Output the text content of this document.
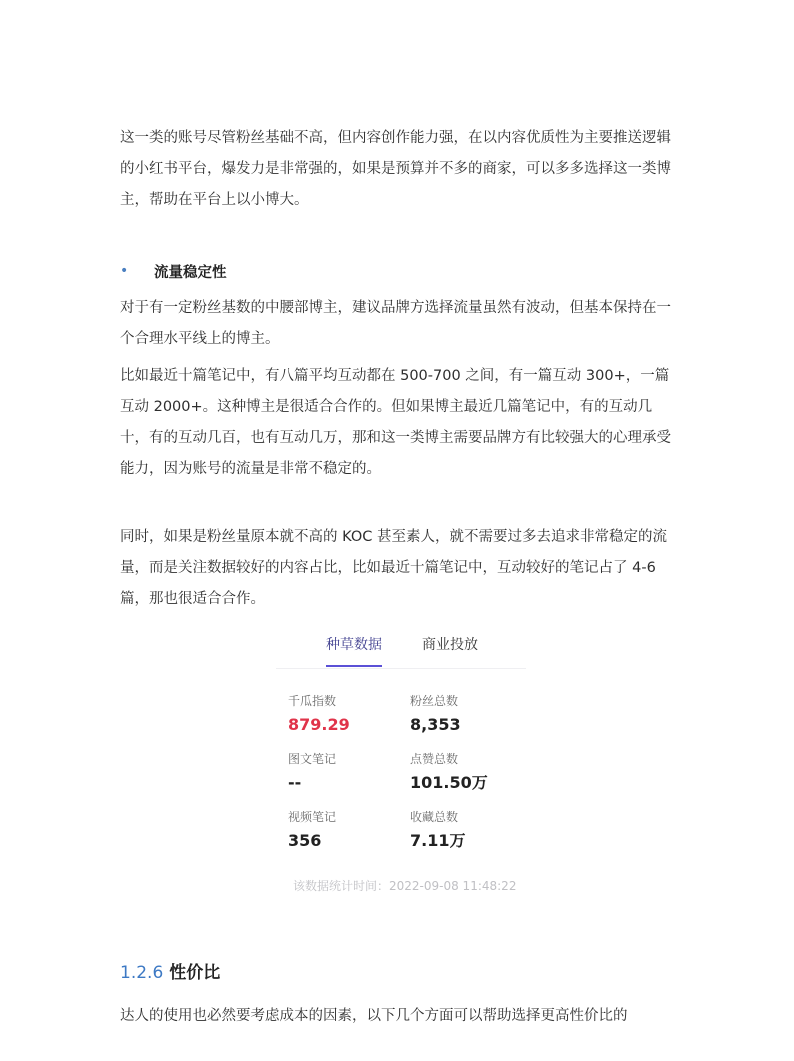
这一类的账号尽管粉丝基础不高，但内容创作能力强，在以内容优质性为主要推送逻辑的小红书平台，爆发力是非常强的，如果是预算并不多的商家，可以多多选择这一类博主，帮助在平台上以小博大。

•	流量稳定性

对于有一定粉丝基数的中腰部博主，建议品牌方选择流量虽然有波动，但基本保持在一个合理水平线上的博主。

比如最近十篇笔记中，有八篇平均互动都在 500-700 之间，有一篇互动 300+，一篇互动 2000+。这种博主是很适合合作的。但如果博主最近几篇笔记中，有的互动几十，有的互动几百，也有互动几万，那和这一类博主需要品牌方有比较强大的心理承受能力，因为账号的流量是非常不稳定的。

同时，如果是粉丝量原本就不高的 KOC 甚至素人，就不需要过多去追求非常稳定的流量，而是关注数据较好的内容占比，比如最近十篇笔记中，互动较好的笔记占了 4-6 篇，那也很适合合作。

种草数据	商业投放
千瓜指数
879.29
粉丝总数
8,353
图文笔记
--
点赞总数
101.50万
视频笔记
356
收藏总数
7.11万
该数据统计时间：2022-09-08 11:48:22
1.2.6 性价比

达人的使用也必然要考虑成本的因素，以下几个方面可以帮助选择更高性价比的
